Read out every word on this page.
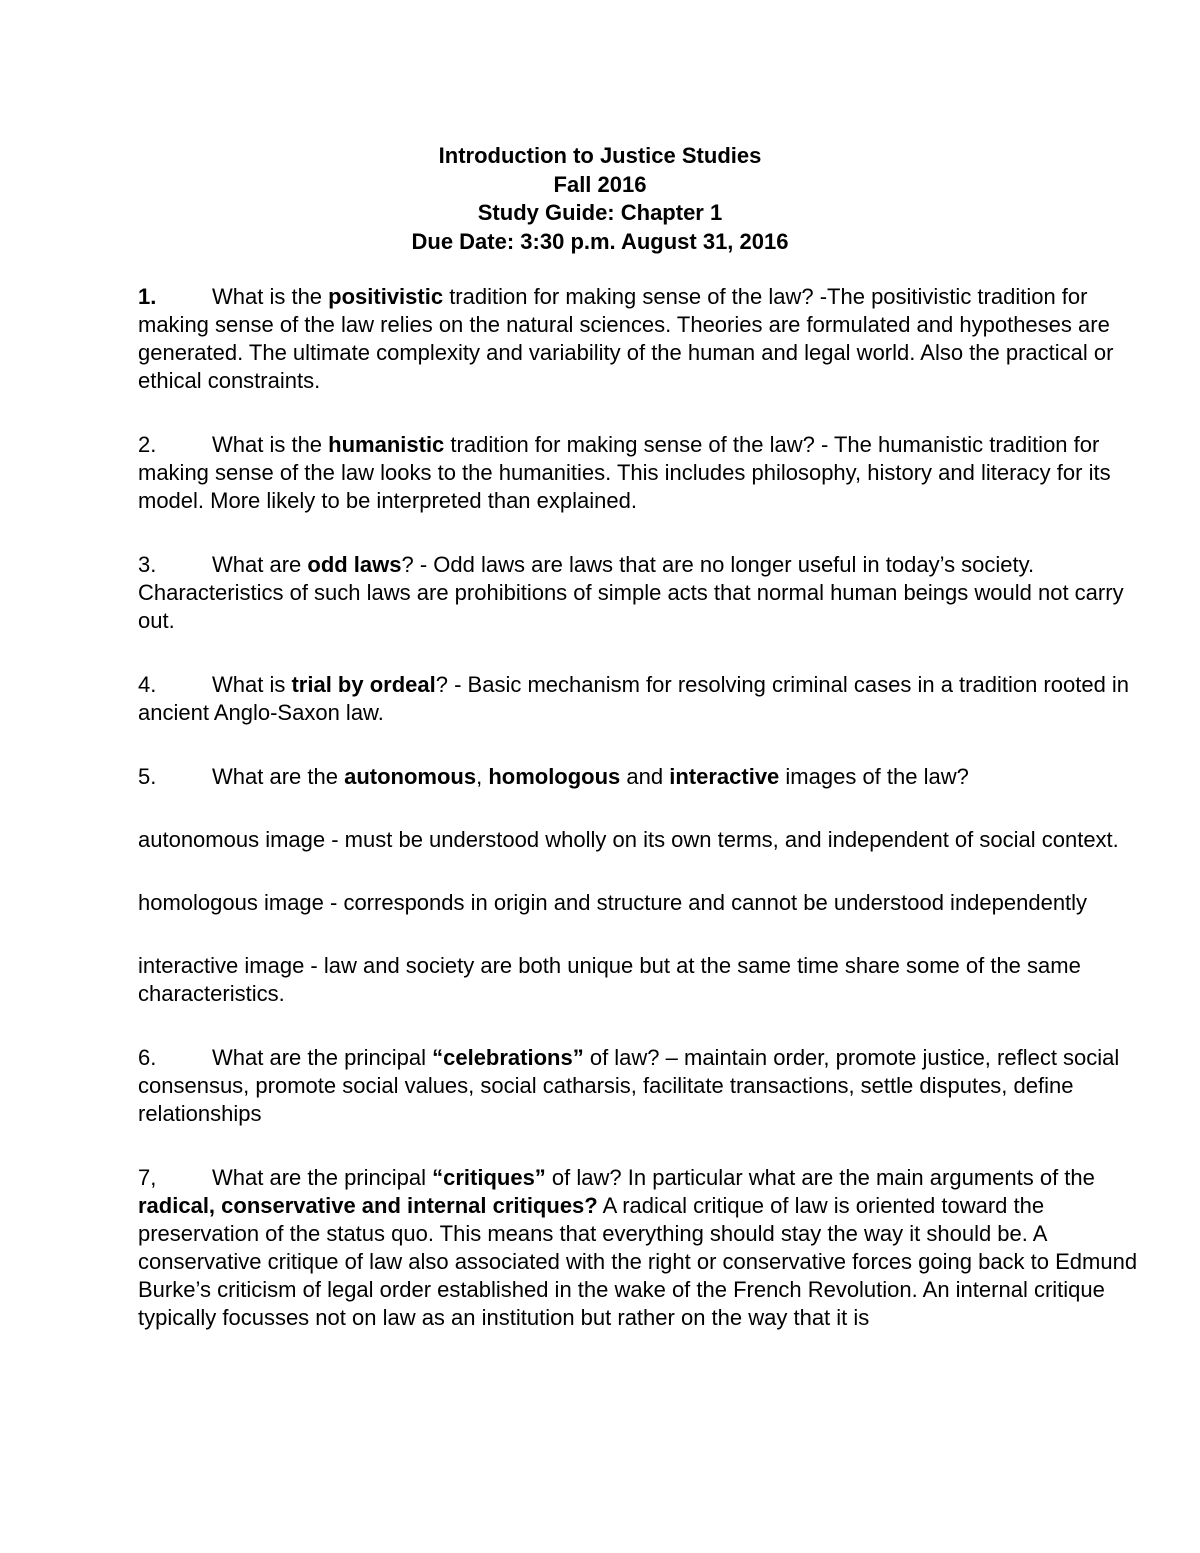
Introduction to Justice Studies
Fall 2016
Study Guide: Chapter 1
Due Date: 3:30 p.m. August 31, 2016

1.	What is the positivistic tradition for making sense of the law? -The positivistic tradition for making sense of the law relies on the natural sciences. Theories are formulated and hypotheses are generated. The ultimate complexity and variability of the human and legal world. Also the practical or ethical constraints.

2.	What is the humanistic tradition for making sense of the law? - The humanistic tradition for making sense of the law looks to the humanities. This includes philosophy, history and literacy for its model. More likely to be interpreted than explained.

3.	What are odd laws? - Odd laws are laws that are no longer useful in today’s society. Characteristics of such laws are prohibitions of simple acts that normal human beings would not carry out.

4.	What is trial by ordeal? - Basic mechanism for resolving criminal cases in a tradition rooted in ancient Anglo-Saxon law.

5.	What are the autonomous, homologous and interactive images of the law?

autonomous image - must be understood wholly on its own terms, and independent of social context.

homologous image - corresponds in origin and structure and cannot be understood independently

interactive image - law and society are both unique but at the same time share some of the same characteristics.

6.	What are the principal “celebrations” of law? – maintain order, promote justice, reflect social consensus, promote social values, social catharsis, facilitate transactions, settle disputes, define relationships

7,	What are the principal “critiques” of law? In particular what are the main arguments of the radical, conservative and internal critiques? A radical critique of law is oriented toward the preservation of the status quo. This means that everything should stay the way it should be. A conservative critique of law also associated with the right or conservative forces going back to Edmund Burke’s criticism of legal order established in the wake of the French Revolution. An internal critique typically focusses not on law as an institution but rather on the way that it is
